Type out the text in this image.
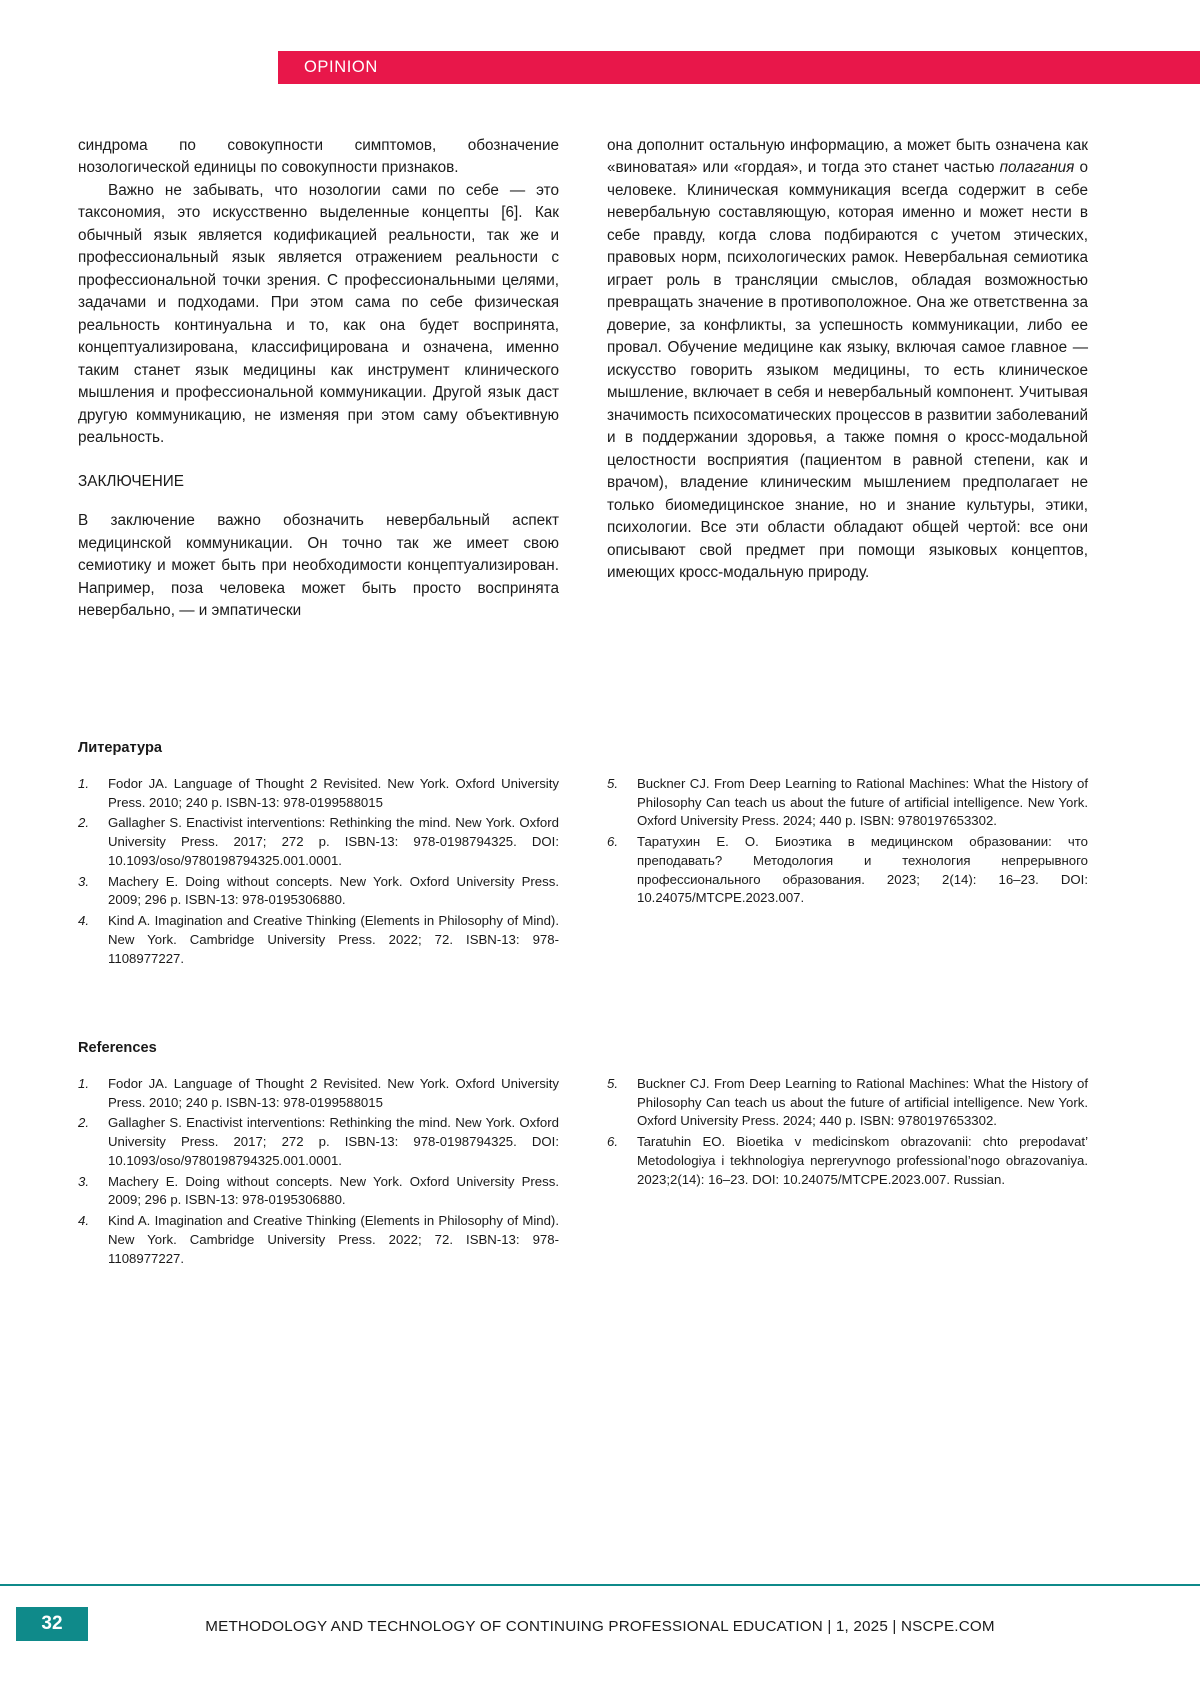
OPINION

синдрома по совокупности симптомов, обозначение нозологической единицы по совокупности признаков.

Важно не забывать, что нозологии сами по себе — это таксономия, это искусственно выделенные концепты [6]. Как обычный язык является кодификацией реальности, так же и профессиональный язык является отражением реальности с профессиональной точки зрения. С профессиональными целями, задачами и подходами. При этом сама по себе физическая реальность континуальна и то, как она будет воспринята, концептуализирована, классифицирована и означена, именно таким станет язык медицины как инструмент клинического мышления и профессиональной коммуникации. Другой язык даст другую коммуникацию, не изменяя при этом саму объективную реальность.

ЗАКЛЮЧЕНИЕ

В заключение важно обозначить невербальный аспект медицинской коммуникации. Он точно так же имеет свою семиотику и может быть при необходимости концептуализирован. Например, поза человека может быть просто воспринята невербально, — и эмпатически

она дополнит остальную информацию, а может быть означена как «виноватая» или «гордая», и тогда это станет частью полагания о человеке. Клиническая коммуникация всегда содержит в себе невербальную составляющую, которая именно и может нести в себе правду, когда слова подбираются с учетом этических, правовых норм, психологических рамок. Невербальная семиотика играет роль в трансляции смыслов, обладая возможностью превращать значение в противоположное. Она же ответственна за доверие, за конфликты, за успешность коммуникации, либо ее провал. Обучение медицине как языку, включая самое главное — искусство говорить языком медицины, то есть клиническое мышление, включает в себя и невербальный компонент. Учитывая значимость психосоматических процессов в развитии заболеваний и в поддержании здоровья, а также помня о кросс-модальной целостности восприятия (пациентом в равной степени, как и врачом), владение клиническим мышлением предполагает не только биомедицинское знание, но и знание культуры, этики, психологии. Все эти области обладают общей чертой: все они описывают свой предмет при помощи языковых концептов, имеющих кросс-модальную природу.

Литература
1.	Fodor JA. Language of Thought 2 Revisited. New York. Oxford University Press. 2010; 240 p. ISBN-13: 978-0199588015
2.	Gallagher S. Enactivist interventions: Rethinking the mind. New York. Oxford University Press. 2017; 272 p. ISBN-13: 978-0198794325. DOI: 10.1093/oso/9780198794325.001.0001.
3.	Machery E. Doing without concepts. New York. Oxford University Press. 2009; 296 p. ISBN-13: 978-0195306880.
4.	Kind A. Imagination and Creative Thinking (Elements in Philosophy of Mind). New York. Cambridge University Press. 2022; 72. ISBN-13: 978-1108977227.
5.	Buckner CJ. From Deep Learning to Rational Machines: What the History of Philosophy Can teach us about the future of artificial intelligence. New York. Oxford University Press. 2024; 440 p. ISBN: 9780197653302.
6.	Таратухин Е. О. Биоэтика в медицинском образовании: что преподавать? Методология и технология непрерывного профессионального образования. 2023; 2(14): 16–23. DOI: 10.24075/MTCPE.2023.007.
References
1.	Fodor JA. Language of Thought 2 Revisited. New York. Oxford University Press. 2010; 240 p. ISBN-13: 978-0199588015
2.	Gallagher S. Enactivist interventions: Rethinking the mind. New York. Oxford University Press. 2017; 272 p. ISBN-13: 978-0198794325. DOI: 10.1093/oso/9780198794325.001.0001.
3.	Machery E. Doing without concepts. New York. Oxford University Press. 2009; 296 p. ISBN-13: 978-0195306880.
4.	Kind A. Imagination and Creative Thinking (Elements in Philosophy of Mind). New York. Cambridge University Press. 2022; 72. ISBN-13: 978-1108977227.
5.	Buckner CJ. From Deep Learning to Rational Machines: What the History of Philosophy Can teach us about the future of artificial intelligence. New York. Oxford University Press. 2024; 440 p. ISBN: 9780197653302.
6.	Taratuhin EO. Bioetika v medicinskom obrazovanii: chto prepodavat’ Metodologiya i tekhnologiya nepreryvnogo professional’nogo obrazovaniya. 2023;2(14): 16–23. DOI: 10.24075/MTCPE.2023.007. Russian.
32	METHODOLOGY AND TECHNOLOGY OF CONTINUING PROFESSIONAL EDUCATION | 1, 2025 | NSCPE.COM
